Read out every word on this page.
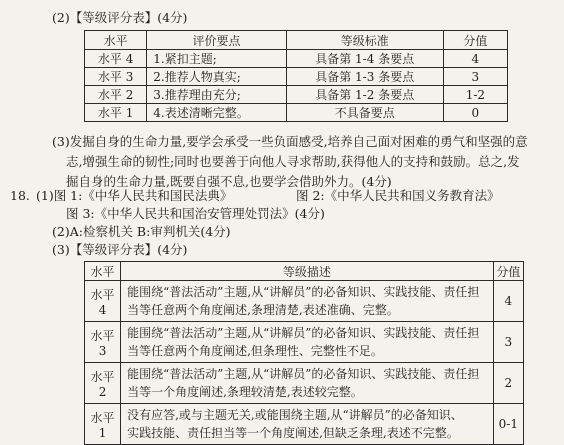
(2)【等级评分表】(4分)
水平	评价要点	等级标准	分值
水平 4	1.紧扣主题;	具备第 1-4 条要点	4
水平 3	2.推荐人物真实;	具备第 1-3 条要点	3
水平 2	3.推荐理由充分;	具备第 1-2 条要点	1-2
水平 1	4.表述清晰完整。	不具备要点	0
(3)发掘自身的生命力量,要学会承受一些负面感受,培养自己面对困难的勇气和坚强的意
志,增强生命的韧性;同时也要善于向他人寻求帮助,获得他人的支持和鼓励。总之,发
掘自身的生命力量,既要自强不息,也要学会借助外力。(4分)
18. (1)图 1:《中华人民共和国民法典》	图 2:《中华人民共和国义务教育法》
图 3:《中华人民共和国治安管理处罚法》(4分)
(2)A:检察机关 B:审判机关(4分)
(3)【等级评分表】(4分)
水平	等级描述	分值
水平 4	能围绕“普法活动”主题,从“讲解员”的必备知识、实践技能、责任担
当等任意两个角度阐述,条理清楚,表述准确、完整。	4
水平 3	能围绕“普法活动”主题,从“讲解员”的必备知识、实践技能、责任担
当等任意两个角度阐述,但条理性、完整性不足。	3
水平 2	能围绕“普法活动”主题,从“讲解员”的必备知识、实践技能、责任担
当等一个角度阐述,条理较清楚,表述较完整。	2
水平 1	没有应答,或与主题无关,或能围绕主题,从“讲解员”的必备知识、
实践技能、责任担当等一个角度阐述,但缺乏条理,表述不完整。	0-1
